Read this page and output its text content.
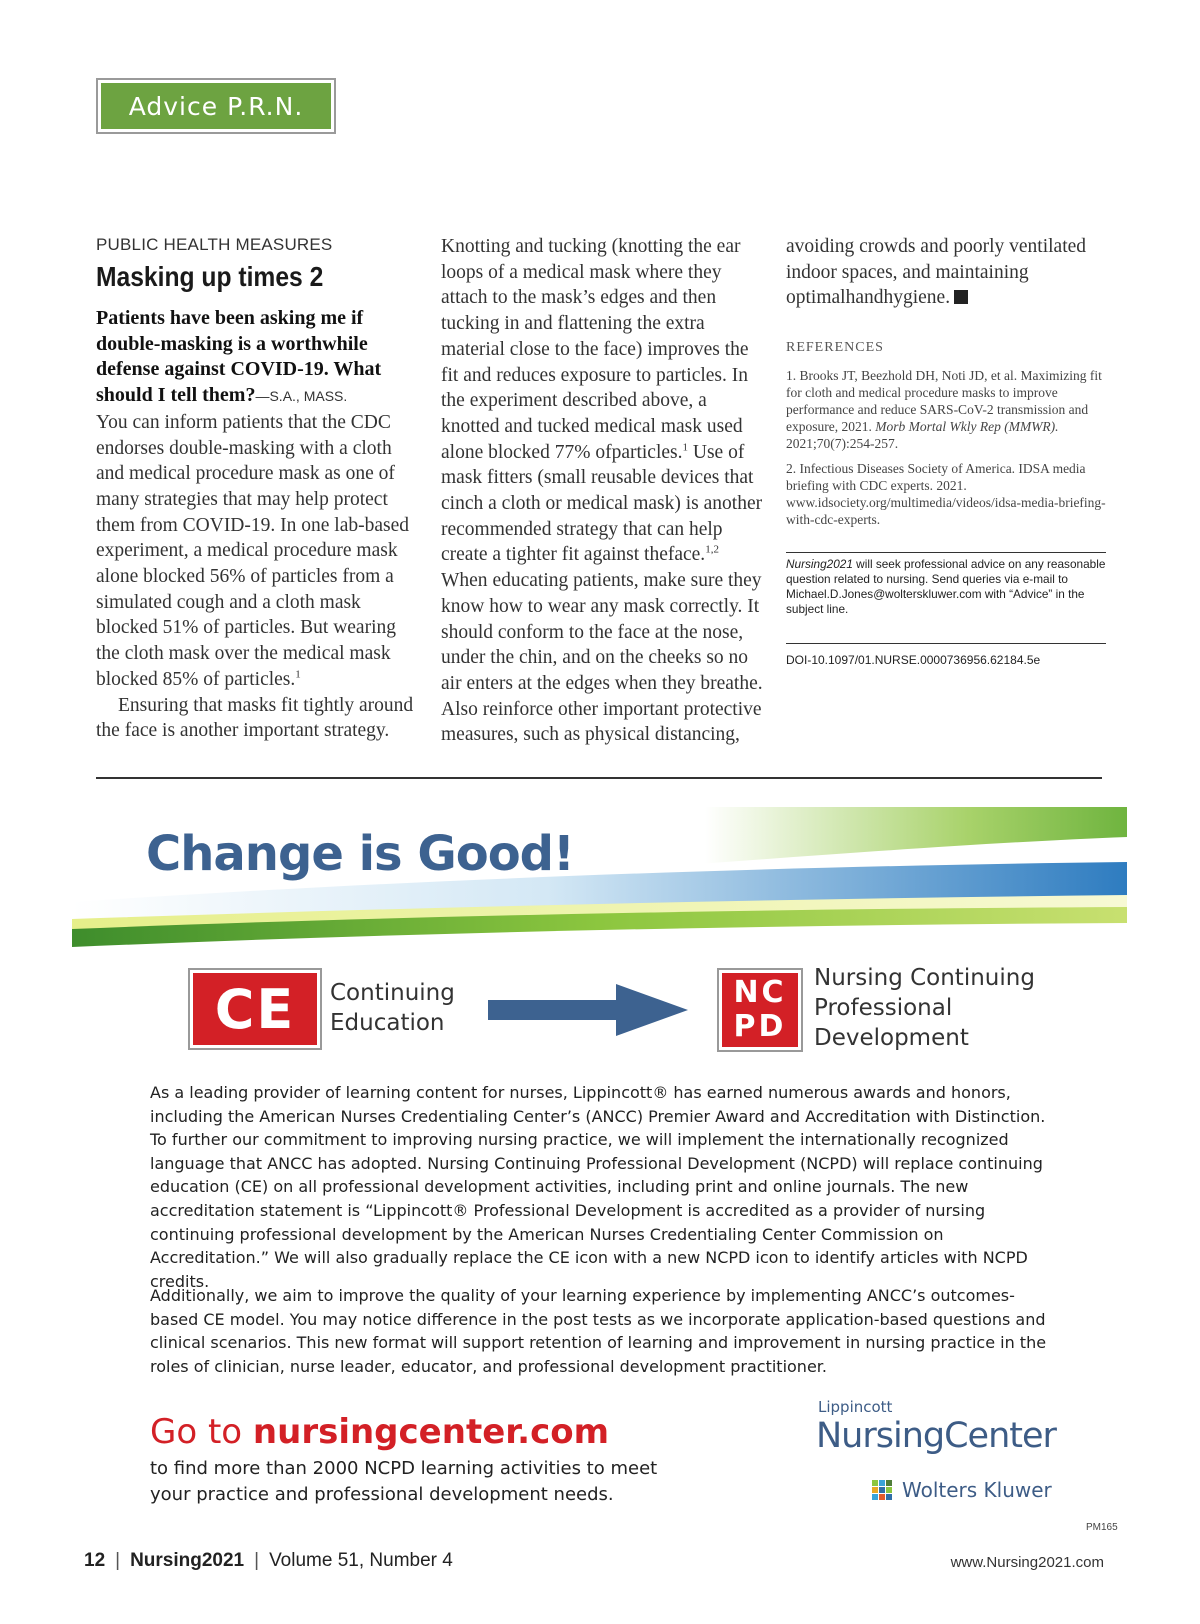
Advice P.R.N.
PUBLIC HEALTH MEASURES
Masking up times 2
Patients have been asking me if double-masking is a worthwhile defense against COVID-19. What should I tell them?—S.A., MASS.
You can inform patients that the CDC endorses double-masking with a cloth and medical procedure mask as one of many strategies that may help protect them from COVID-19. In one lab-based experiment, a medical procedure mask alone blocked 56% of particles from a simulated cough and a cloth mask blocked 51% of particles. But wearing the cloth mask over the medical mask blocked 85% of particles.$^1$
Ensuring that masks fit tightly around the face is another important strategy.
avoiding crowds and poorly ventilated indoor spaces, and maintaining optimalhandhygiene.
REFERENCES
1. Brooks JT, Beezhold DH, Noti JD, et al. Maximizing fit for cloth and medical procedure masks to improve performance and reduce SARS-CoV-2 transmission and exposure, 2021. Morb Mortal Wkly Rep (MMWR). 2021;70(7):254-257.
2. Infectious Diseases Society of America. IDSA media briefing with CDC experts. 2021. www.idsociety.org/multimedia/videos/idsa-media-briefing-with-cdc-experts.
Nursing2021 will seek professional advice on any reasonable question related to nursing. Send queries via e-mail to Michael.D.Jones@wolterskluwer.com with “Advice” in the subject line.
DOI-10.1097/01.NURSE.0000736956.62184.5e
Change is Good!
CE	Continuing
Education
NC
PD
Nursing Continuing
Professional
Development
As a leading provider of learning content for nurses, Lippincott® has earned numerous awards and honors, including the American Nurses Credentialing Center’s (ANCC) Premier Award and Accreditation with Distinction. To further our commitment to improving nursing practice, we will implement the internationally recognized language that ANCC has adopted. Nursing Continuing Professional Development (NCPD) will replace continuing education (CE) on all professional development activities, including print and online journals. The new accreditation statement is “Lippincott® Professional Development is accredited as a provider of nursing continuing professional development by the American Nurses Credentialing Center Commission on Accreditation.” We will also gradually replace the CE icon with a new NCPD icon to identify articles with NCPD credits.
Additionally, we aim to improve the quality of your learning experience by implementing ANCC’s outcomes-based CE model. You may notice difference in the post tests as we incorporate application-based questions and clinical scenarios. This new format will support retention of learning and improvement in nursing practice in the roles of clinician, nurse leader, educator, and professional development practitioner.
Go to nursingcenter.com
to find more than 2000 NCPD learning activities to meet your practice and professional development needs.
Lippincott
NursingCenter
Wolters Kluwer
PM165
12 | Nursing2021 | Volume 51, Number 4	www.Nursing2021.com
Knotting and tucking (knotting the ear loops of a medical mask where they attach to the mask’s edges and then tucking in and flattening the extra material close to the face) improves the fit and reduces exposure to particles. In the experiment described above, a knotted and tucked medical mask used alone blocked 77% ofparticles.$^1$ Use of mask fitters (small reusable devices that cinch a cloth or medical mask) is another recommended strategy that can help create a tighter fit against theface.$^{1,2}$
When educating patients, make sure they know how to wear any mask correctly. It should conform to the face at the nose, under the chin, and on the cheeks so no air enters at the edges when they breathe. Also reinforce other important protective measures, such as physical distancing,
